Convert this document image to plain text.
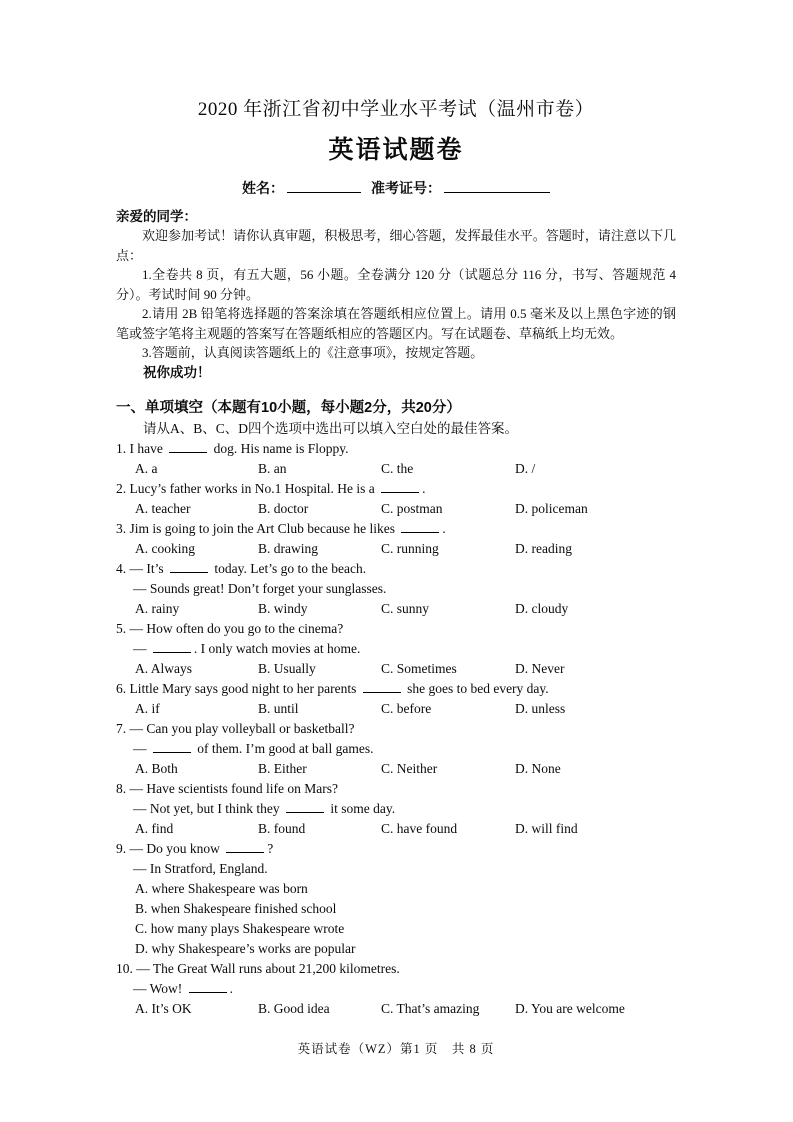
2020 年浙江省初中学业水平考试（温州市卷）
英语试题卷
姓名：	准考证号：
亲爱的同学：
欢迎参加考试！请你认真审题，积极思考，细心答题，发挥最佳水平。答题时，请注意以下几点：
1.全卷共 8 页，有五大题，56 小题。全卷满分 120 分（试题总分 116 分，书写、答题规范 4 分）。考试时间 90 分钟。
2.请用 2B 铅笔将选择题的答案涂填在答题纸相应位置上。请用 0.5 毫米及以上黑色字迹的钢笔或签字笔将主观题的答案写在答题纸相应的答题区内。写在试题卷、草稿纸上均无效。
3.答题前，认真阅读答题纸上的《注意事项》，按规定答题。
祝你成功！
一、单项填空（本题有10小题，每小题2分，共20分）
请从A、B、C、D四个选项中选出可以填入空白处的最佳答案。
1. I have	dog. His name is Floppy.
A. a	B. an	C. the	D. /
2. Lucy’s father works in No.1 Hospital. He is a	.
A. teacher	B. doctor	C. postman	D. policeman
3. Jim is going to join the Art Club because he likes	.
A. cooking	B. drawing	C. running	D. reading
4. — It’s	today. Let’s go to the beach.
— Sounds great! Don’t forget your sunglasses.
A. rainy	B. windy	C. sunny	D. cloudy
5. — How often do you go to the cinema?
—	. I only watch movies at home.
A. Always	B. Usually	C. Sometimes	D. Never
6. Little Mary says good night to her parents	she goes to bed every day.
A. if	B. until	C. before	D. unless
7. — Can you play volleyball or basketball?
—	of them. I’m good at ball games.
A. Both	B. Either	C. Neither	D. None
8. — Have scientists found life on Mars?
— Not yet, but I think they	it some day.
A. find	B. found	C. have found	D. will find
9. — Do you know	?
— In Stratford, England.
A. where Shakespeare was born
B. when Shakespeare finished school
C. how many plays Shakespeare wrote
D. why Shakespeare’s works are popular
10. — The Great Wall runs about 21,200 kilometres.
— Wow!	.
A. It’s OK	B. Good idea	C. That’s amazing	D. You are welcome
英语试卷（WZ）第1 页　共 8 页
